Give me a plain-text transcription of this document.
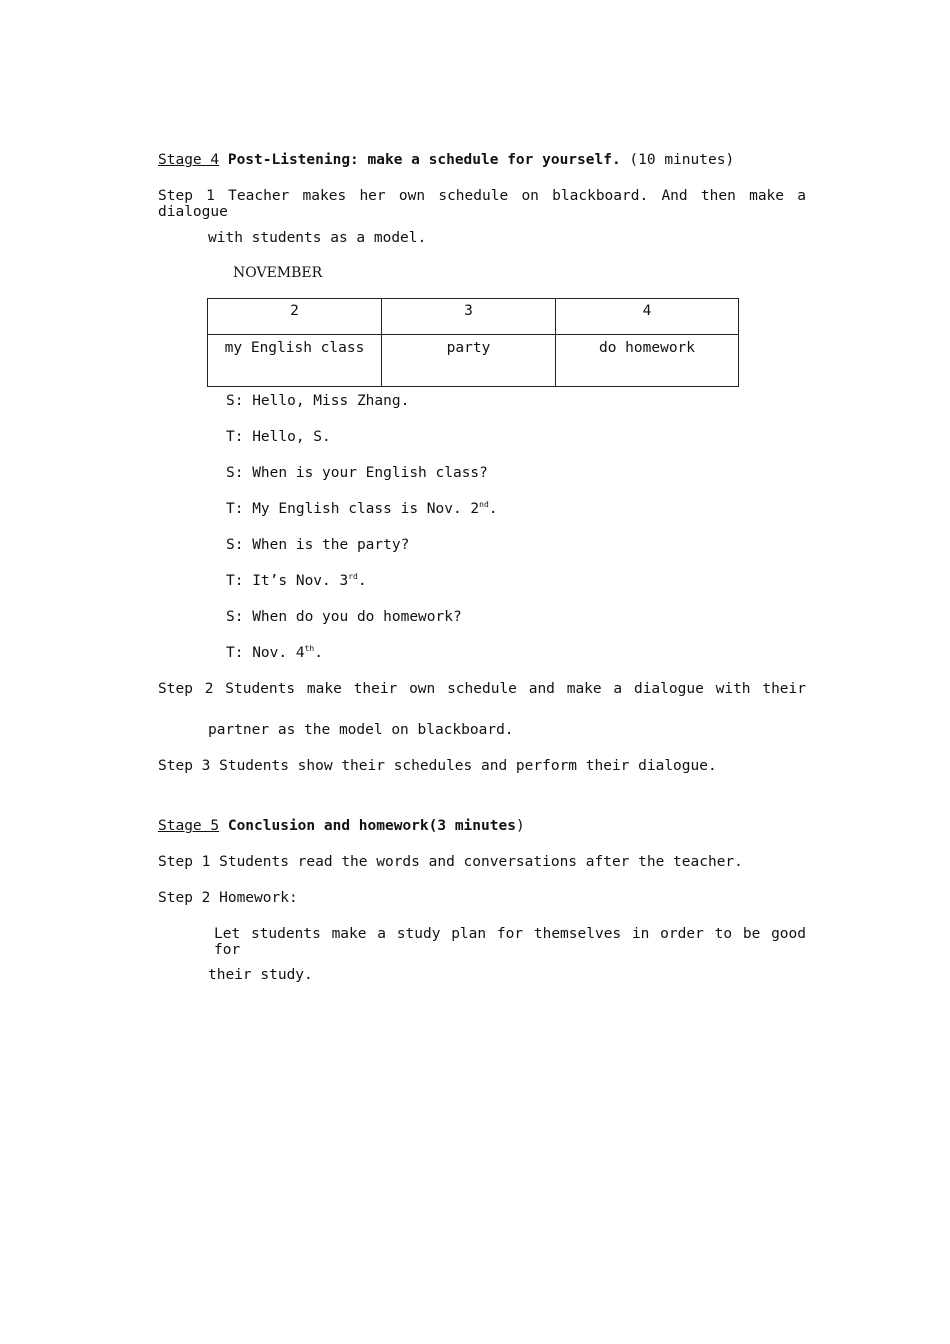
Stage 4 Post-Listening: make a schedule for yourself. (10 minutes)
Step 1 Teacher makes her own schedule on blackboard. And then make a dialogue
with students as a model.
NOVEMBER
2	3	4
my English class	party	do homework
S: Hello, Miss Zhang.
T: Hello, S.
S: When is your English class?
T: My English class is Nov. 2nd.
S: When is the party?
T: It’s Nov. 3rd.
S: When do you do homework?
T: Nov. 4th.
Step 2 Students make their own schedule and make a dialogue with their
partner as the model on blackboard.
Step 3 Students show their schedules and perform their dialogue.
Stage 5 Conclusion and homework(3 minutes)
Step 1 Students read the words and conversations after the teacher.
Step 2 Homework:
Let students make a study plan for themselves in order to be good for
their study.
